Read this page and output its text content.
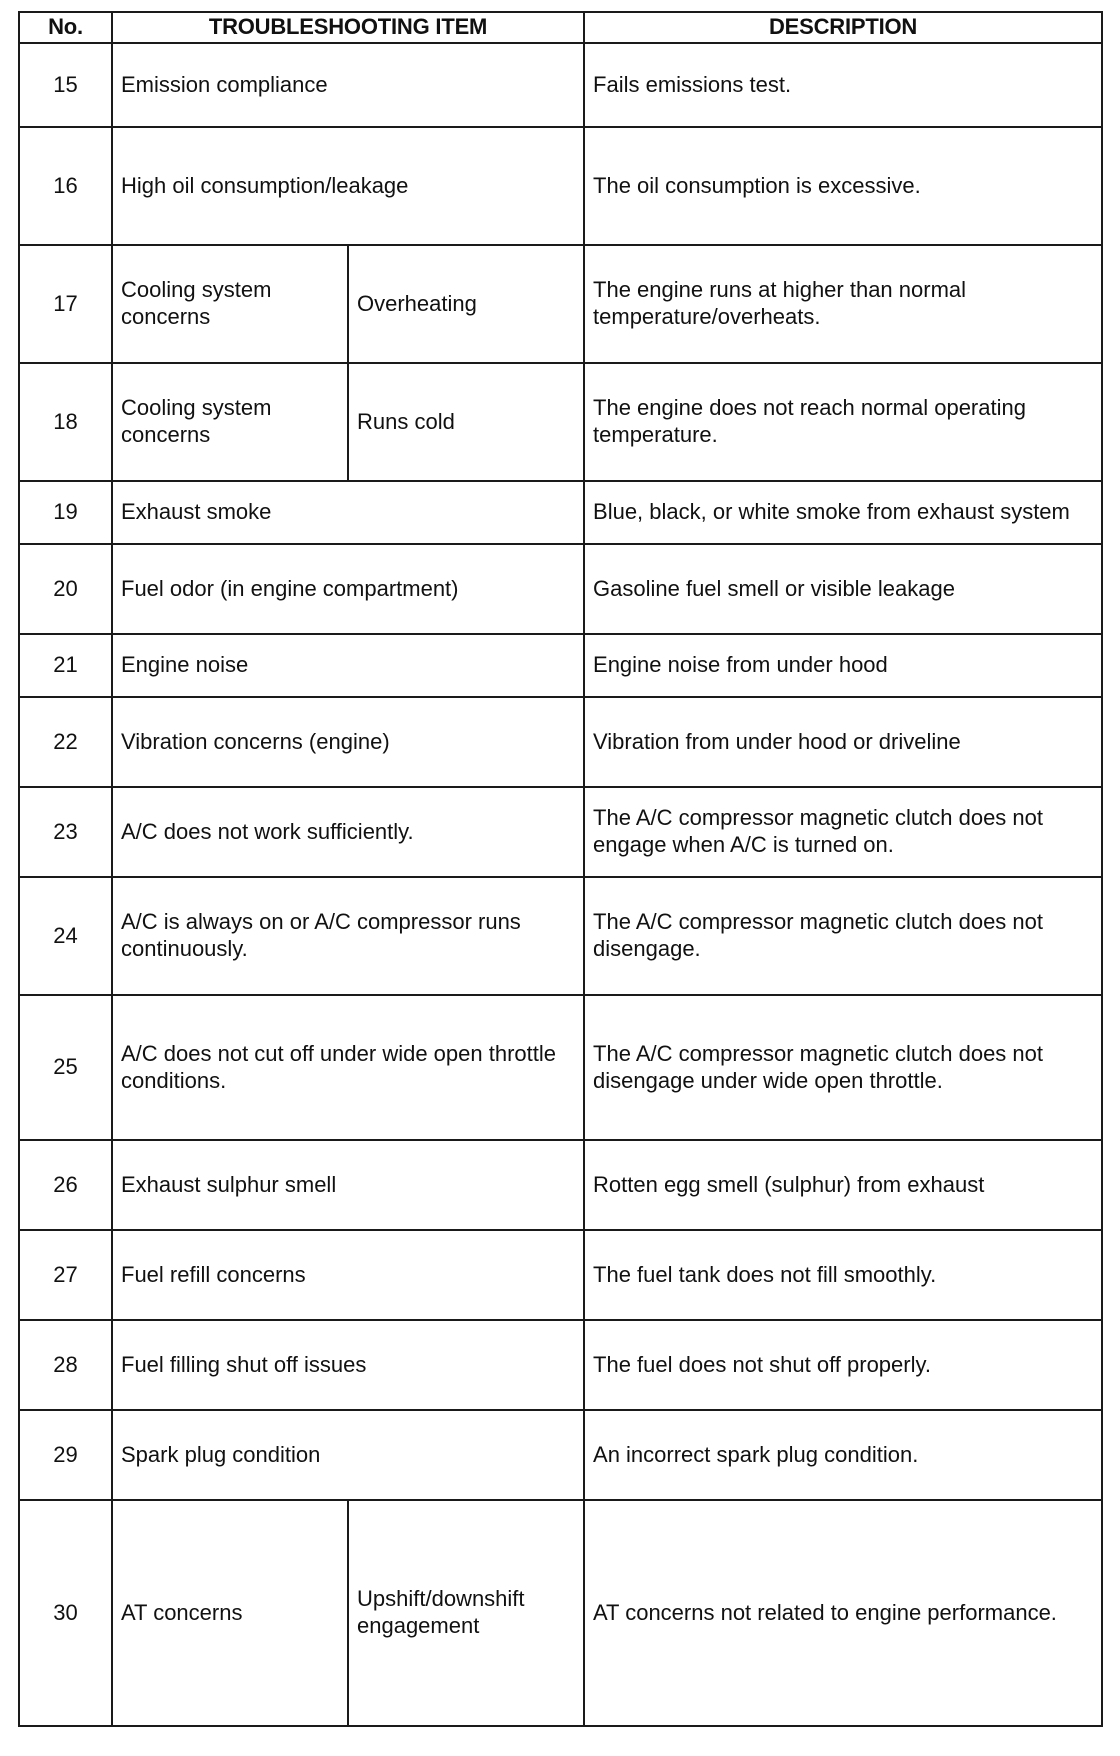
No.	TROUBLESHOOTING ITEM		DESCRIPTION
15	Emission compliance		Fails emissions test.
16	High oil consumption/leakage		The oil consumption is excessive.
17	Cooling system concerns	Overheating	The engine runs at higher than normal temperature/overheats.
18	Cooling system concerns	Runs cold	The engine does not reach normal operating temperature.
19	Exhaust smoke		Blue, black, or white smoke from exhaust system
20	Fuel odor (in engine compartment)		Gasoline fuel smell or visible leakage
21	Engine noise		Engine noise from under hood
22	Vibration concerns (engine)		Vibration from under hood or driveline
23	A/C does not work sufficiently.		The A/C compressor magnetic clutch does not engage when A/C is turned on.
24	A/C is always on or A/C compressor runs continuously.		The A/C compressor magnetic clutch does not disengage.
25	A/C does not cut off under wide open throttle conditions.		The A/C compressor magnetic clutch does not disengage under wide open throttle.
26	Exhaust sulphur smell		Rotten egg smell (sulphur) from exhaust
27	Fuel refill concerns		The fuel tank does not fill smoothly.
28	Fuel filling shut off issues		The fuel does not shut off properly.
29	Spark plug condition		An incorrect spark plug condition.
30	AT concerns	Upshift/downshift engagement	AT concerns not related to engine performance.
